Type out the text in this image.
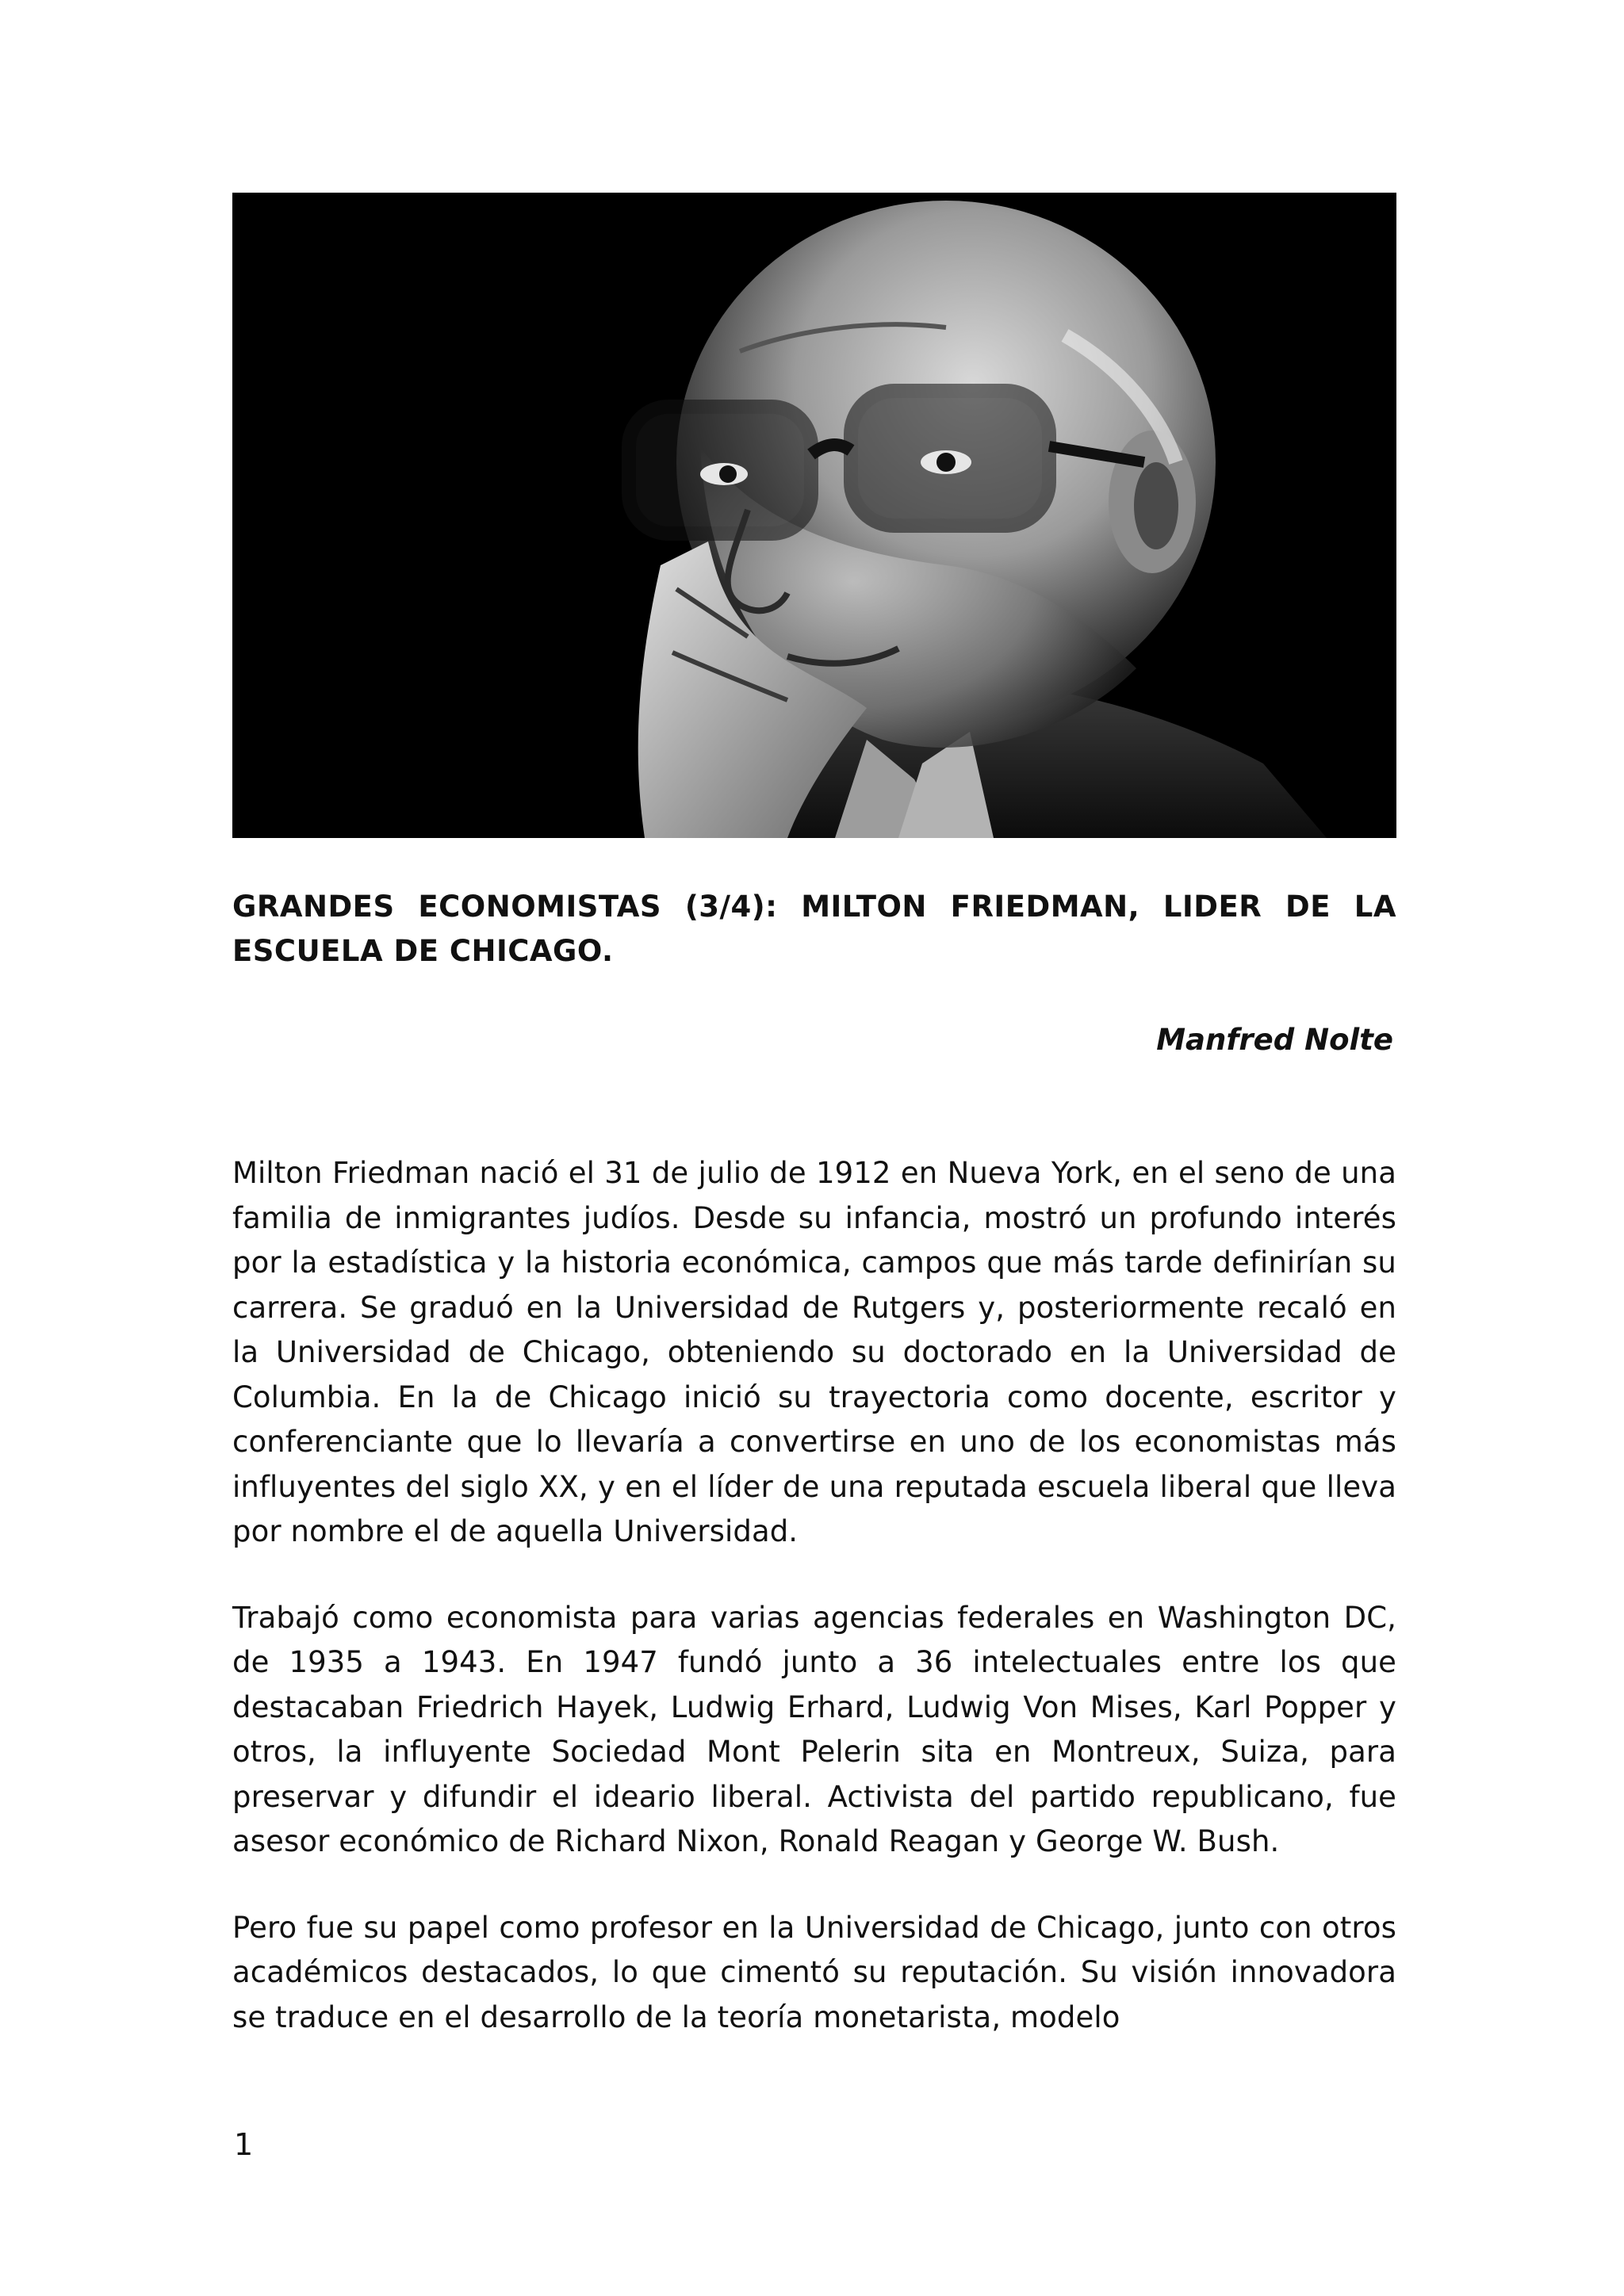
GRANDES ECONOMISTAS (3/4): MILTON FRIEDMAN, LIDER DE LA ESCUELA DE CHICAGO.

Manfred Nolte

Milton Friedman nació el 31 de julio de 1912 en Nueva York, en el seno de una familia de inmigrantes judíos. Desde su infancia, mostró un profundo interés por la estadística y la historia económica, campos que más tarde definirían su carrera. Se graduó en la Universidad de Rutgers y, posteriormente recaló en la Universidad de Chicago, obteniendo su doctorado en la Universidad de Columbia. En la de Chicago inició su trayectoria como docente, escritor y conferenciante que lo llevaría a convertirse en uno de los economistas más influyentes del siglo XX, y en el líder de una reputada escuela liberal que lleva por nombre el de aquella Universidad.

Trabajó como economista para varias agencias federales en Washington DC, de 1935 a 1943. En 1947 fundó junto a 36 intelectuales entre los que destacaban Friedrich Hayek, Ludwig Erhard, Ludwig Von Mises, Karl Popper y otros, la influyente Sociedad Mont Pelerin sita en Montreux, Suiza, para preservar y difundir el ideario liberal. Activista del partido republicano, fue asesor económico de Richard Nixon, Ronald Reagan y George W. Bush.

Pero fue su papel como profesor en la Universidad de Chicago, junto con otros académicos destacados, lo que cimentó su reputación. Su visión innovadora se traduce en el desarrollo de la teoría monetarista, modelo

1
